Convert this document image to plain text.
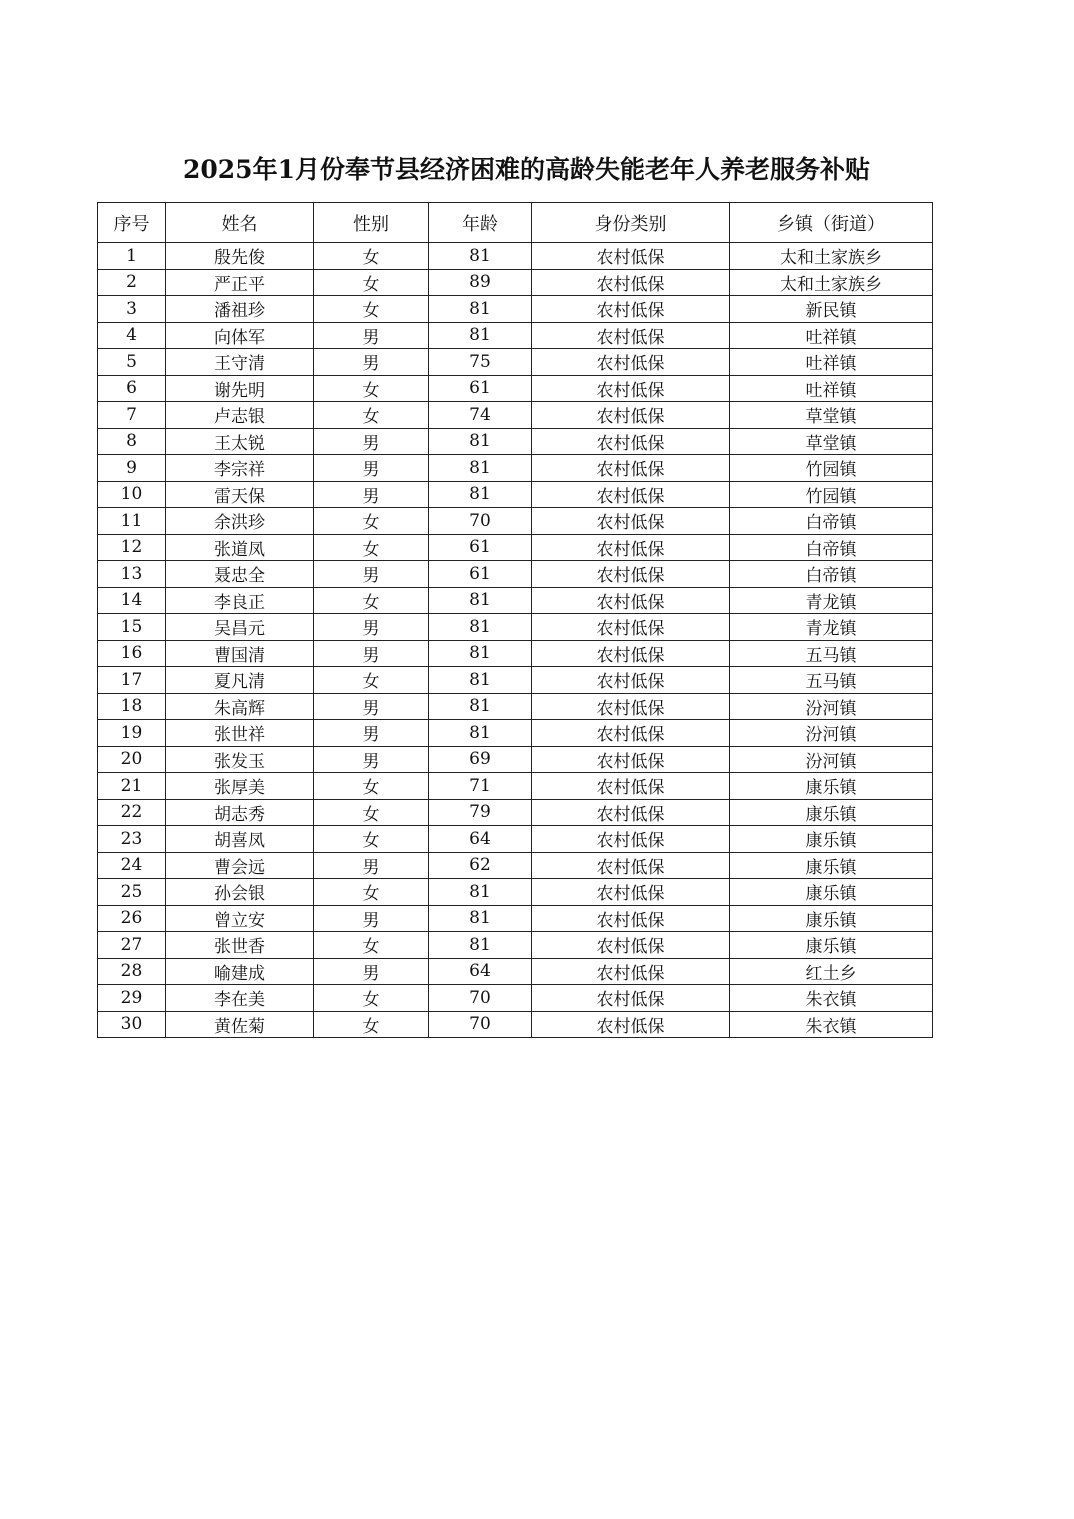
2025年1月份奉节县经济困难的高龄失能老年人养老服务补贴
序号	姓名	性别	年龄	身份类别	乡镇（街道）
1	殷先俊	女	81	农村低保	太和土家族乡
2	严正平	女	89	农村低保	太和土家族乡
3	潘祖珍	女	81	农村低保	新民镇
4	向体军	男	81	农村低保	吐祥镇
5	王守清	男	75	农村低保	吐祥镇
6	谢先明	女	61	农村低保	吐祥镇
7	卢志银	女	74	农村低保	草堂镇
8	王太锐	男	81	农村低保	草堂镇
9	李宗祥	男	81	农村低保	竹园镇
10	雷天保	男	81	农村低保	竹园镇
11	余洪珍	女	70	农村低保	白帝镇
12	张道凤	女	61	农村低保	白帝镇
13	聂忠全	男	61	农村低保	白帝镇
14	李良正	女	81	农村低保	青龙镇
15	吴昌元	男	81	农村低保	青龙镇
16	曹国清	男	81	农村低保	五马镇
17	夏凡清	女	81	农村低保	五马镇
18	朱高辉	男	81	农村低保	汾河镇
19	张世祥	男	81	农村低保	汾河镇
20	张发玉	男	69	农村低保	汾河镇
21	张厚美	女	71	农村低保	康乐镇
22	胡志秀	女	79	农村低保	康乐镇
23	胡喜凤	女	64	农村低保	康乐镇
24	曹会远	男	62	农村低保	康乐镇
25	孙会银	女	81	农村低保	康乐镇
26	曾立安	男	81	农村低保	康乐镇
27	张世香	女	81	农村低保	康乐镇
28	喻建成	男	64	农村低保	红土乡
29	李在美	女	70	农村低保	朱衣镇
30	黄佐菊	女	70	农村低保	朱衣镇
